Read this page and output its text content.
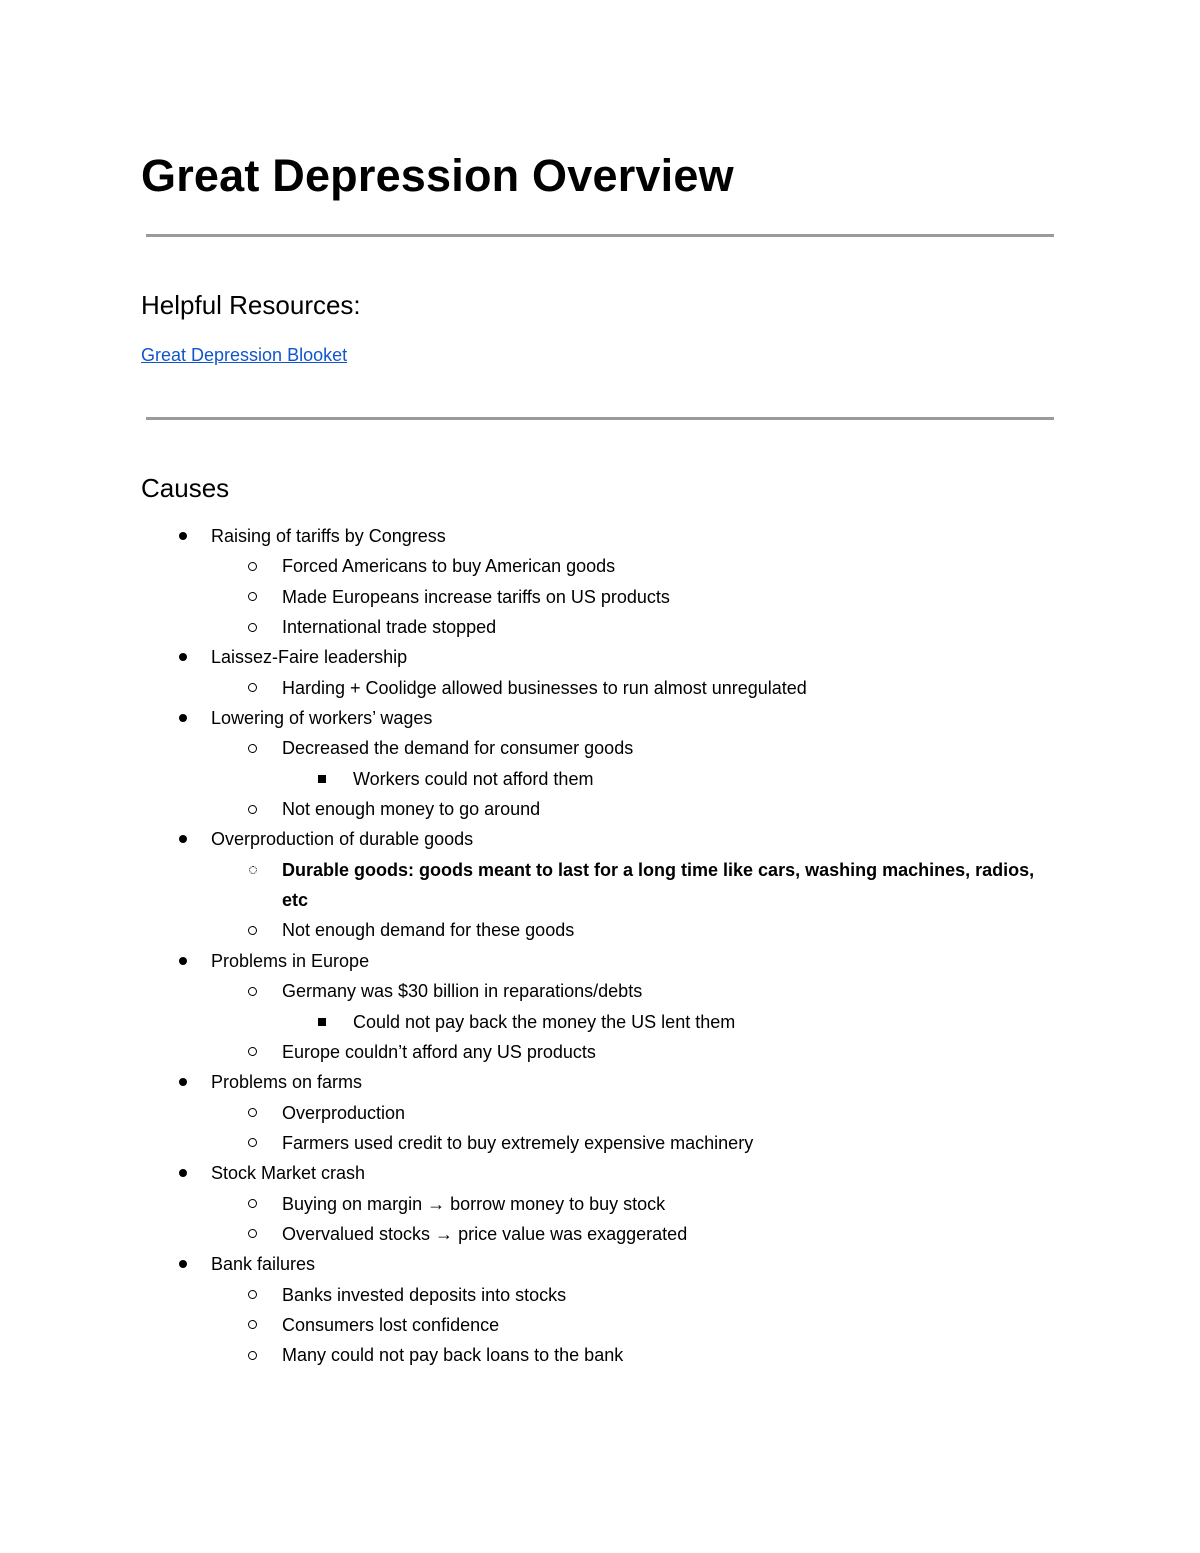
Great Depression Overview
Helpful Resources:
Great Depression Blooket
Causes
Raising of tariffs by Congress
Forced Americans to buy American goods
Made Europeans increase tariffs on US products
International trade stopped
Laissez-Faire leadership
Harding + Coolidge allowed businesses to run almost unregulated
Lowering of workers’ wages
Decreased the demand for consumer goods
Workers could not afford them
Not enough money to go around
Overproduction of durable goods
Durable goods: goods meant to last for a long time like cars, washing machines, radios, etc
Not enough demand for these goods
Problems in Europe
Germany was $30 billion in reparations/debts
Could not pay back the money the US lent them
Europe couldn’t afford any US products
Problems on farms
Overproduction
Farmers used credit to buy extremely expensive machinery
Stock Market crash
Buying on margin → borrow money to buy stock
Overvalued stocks → price value was exaggerated
Bank failures
Banks invested deposits into stocks
Consumers lost confidence
Many could not pay back loans to the bank
